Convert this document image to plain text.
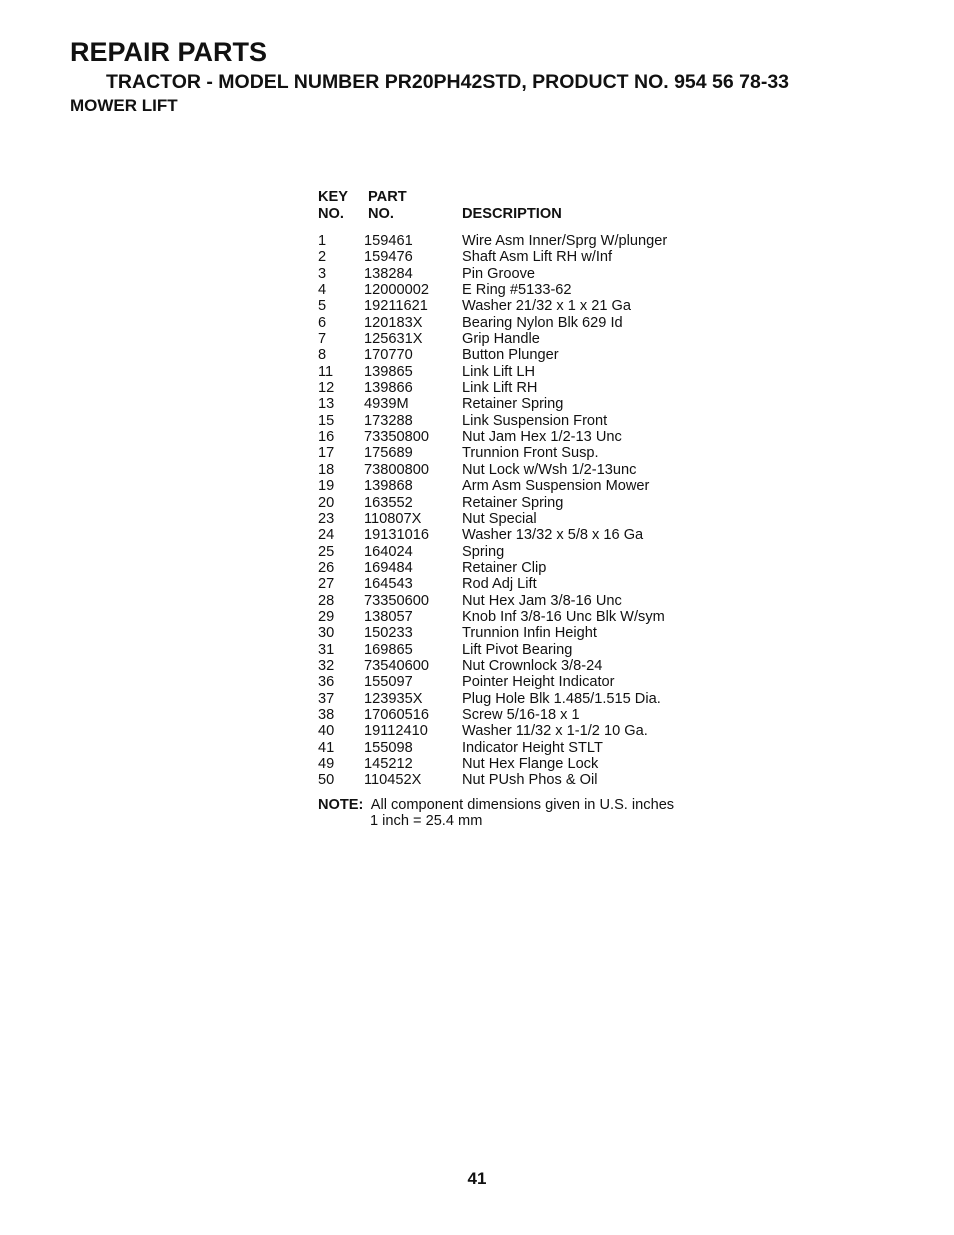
REPAIR PARTS
TRACTOR - MODEL NUMBER PR20PH42STD, PRODUCT NO. 954 56 78-33
MOWER LIFT
KEY
NO.
PART
NO.	DESCRIPTION
1	159461	Wire Asm Inner/Sprg W/plunger
2	159476	Shaft Asm Lift RH w/Inf
3	138284	Pin Groove
4	12000002 E Ring #5133-62
5	19211621 Washer 21/32 x 1 x 21 Ga
6	120183X	Bearing Nylon Blk 629 Id
7	125631X	Grip Handle
8	170770	Button Plunger
11 139865	Link Lift LH
12 139866	Link Lift RH
13 4939M	Retainer Spring
15 173288	Link Suspension Front
16 73350800 Nut Jam Hex 1/2-13 Unc
17 175689	Trunnion Front Susp.
18 73800800 Nut Lock w/Wsh 1/2-13unc
19 139868	Arm Asm Suspension Mower
20 163552	Retainer Spring
23 110807X	Nut Special
24 19131016 Washer 13/32 x 5/8 x 16 Ga
25 164024	Spring
26 169484	Retainer Clip
27 164543	Rod Adj Lift
28 73350600 Nut Hex Jam 3/8-16 Unc
29 138057	Knob Inf 3/8-16 Unc Blk W/sym
30 150233	Trunnion Infin Height
31 169865	Lift Pivot Bearing
32 73540600 Nut Crownlock 3/8-24
36 155097	Pointer Height Indicator
37 123935X	Plug Hole Blk 1.485/1.515 Dia.
38 17060516 Screw 5/16-18 x 1
40 19112410 Washer 11/32 x 1-1/2 10 Ga.
41 155098	Indicator Height STLT
49 145212	Nut Hex Flange Lock
50 110452X	Nut PUsh Phos & Oil
NOTE: All component dimensions given in U.S. inches
1 inch = 25.4 mm
41
